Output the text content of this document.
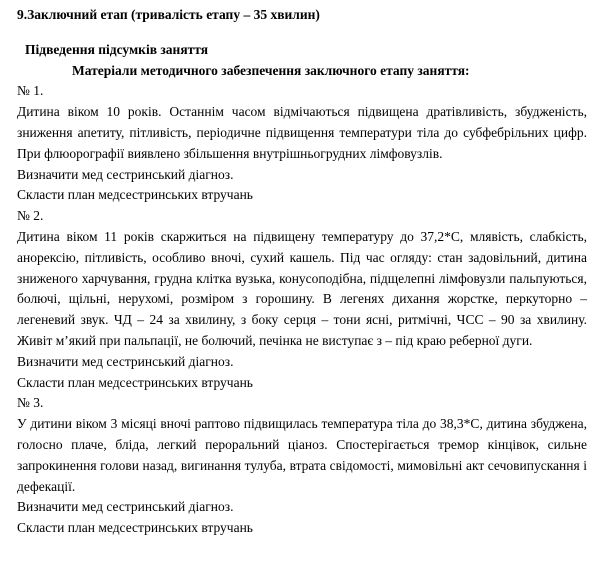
9.Заключний етап (тривалість етапу – 35 хвилин)

Підведення підсумків заняття

Матеріали методичного забезпечення заключного етапу заняття:

№ 1.

Дитина віком 10 років. Останнім часом відмічаються підвищена дратівливість, збудженість, зниження апетиту, пітливість, періодичне підвищення температури тіла до субфебрільних цифр. При флюорографії виявлено збільшення внутрішньогрудних лімфовузлів.

Визначити мед сестринський діагноз.

Скласти план медсестринських втручань

№ 2.

Дитина віком 11 років скаржиться на підвищену температуру до 37,2*С, млявість, слабкість, анорексію, пітливість, особливо вночі, сухий кашель. Під час огляду: стан задовільний, дитина зниженого харчування, грудна клітка вузька, конусоподібна, підщелепні лімфовузли пальпуються, болючі, щільні, нерухомі, розміром з горошину. В легенях дихання жорстке, перкуторно – легеневий звук. ЧД – 24 за хвилину, з боку серця – тони ясні, ритмічні, ЧСС – 90 за хвилину. Живіт м’який при пальпації, не болючий, печінка не виступає з – під краю реберної дуги.

Визначити мед сестринський діагноз.

Скласти план медсестринських втручань

№ 3.

У дитини віком 3 місяці вночі раптово підвищилась температура тіла до 38,3*С, дитина збуджена, голосно плаче, бліда, легкий пероральний ціаноз. Спостерігається тремор кінцівок, сильне запрокинення голови назад, вигинання тулуба, втрата свідомості, мимовільні акт сечовипускання і дефекації.

Визначити мед сестринський діагноз.

Скласти план медсестринських втручань
